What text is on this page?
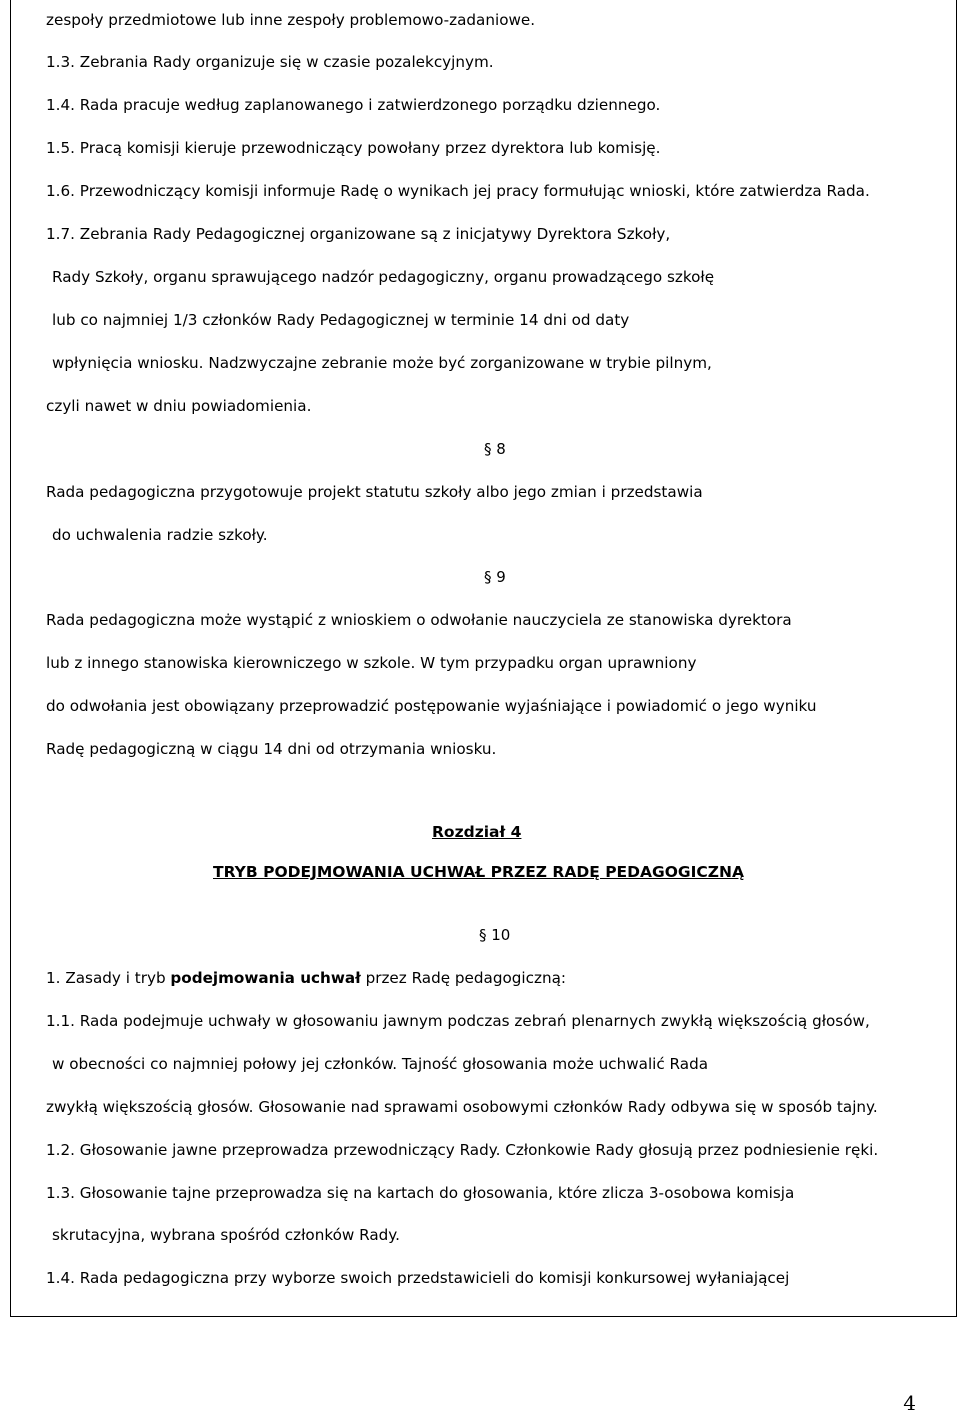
zespoły przedmiotowe lub inne zespoły problemowo-zadaniowe.
1.3. Zebrania Rady organizuje się w czasie pozalekcyjnym.
1.4. Rada pracuje według zaplanowanego i zatwierdzonego porządku dziennego.
1.5. Pracą komisji kieruje przewodniczący powołany przez dyrektora lub komisję.
1.6. Przewodniczący komisji informuje Radę o wynikach jej pracy formułując wnioski, które zatwierdza Rada.
1.7. Zebrania Rady Pedagogicznej organizowane są z inicjatywy Dyrektora Szkoły,
Rady Szkoły, organu sprawującego nadzór pedagogiczny, organu prowadzącego szkołę
lub co najmniej 1/3 członków Rady Pedagogicznej w terminie 14 dni od daty
wpłynięcia wniosku. Nadzwyczajne zebranie może być zorganizowane w trybie pilnym,
czyli nawet w dniu powiadomienia.
§ 8
Rada pedagogiczna przygotowuje projekt statutu szkoły albo jego zmian i przedstawia
do uchwalenia radzie szkoły.
§ 9
Rada pedagogiczna może wystąpić z wnioskiem o odwołanie nauczyciela ze stanowiska dyrektora
lub z innego stanowiska kierowniczego w szkole. W tym przypadku organ uprawniony
do odwołania jest obowiązany przeprowadzić postępowanie wyjaśniające i powiadomić o jego wyniku
Radę pedagogiczną w ciągu 14 dni od otrzymania wniosku.
Rozdział 4
TRYB PODEJMOWANIA UCHWAŁ PRZEZ RADĘ PEDAGOGICZNĄ
§ 10
1. Zasady i tryb podejmowania uchwał przez Radę pedagogiczną:
1.1. Rada podejmuje uchwały w głosowaniu jawnym podczas zebrań plenarnych zwykłą większością głosów,
w obecności co najmniej połowy jej członków. Tajność głosowania może uchwalić Rada
zwykłą większością głosów. Głosowanie nad sprawami osobowymi członków Rady odbywa się w sposób tajny.
1.2. Głosowanie jawne przeprowadza przewodniczący Rady. Członkowie Rady głosują przez podniesienie ręki.
1.3. Głosowanie tajne przeprowadza się na kartach do głosowania, które zlicza 3-osobowa komisja
skrutacyjna, wybrana spośród członków Rady.
1.4. Rada pedagogiczna przy wyborze swoich przedstawicieli do komisji konkursowej wyłaniającej
4
